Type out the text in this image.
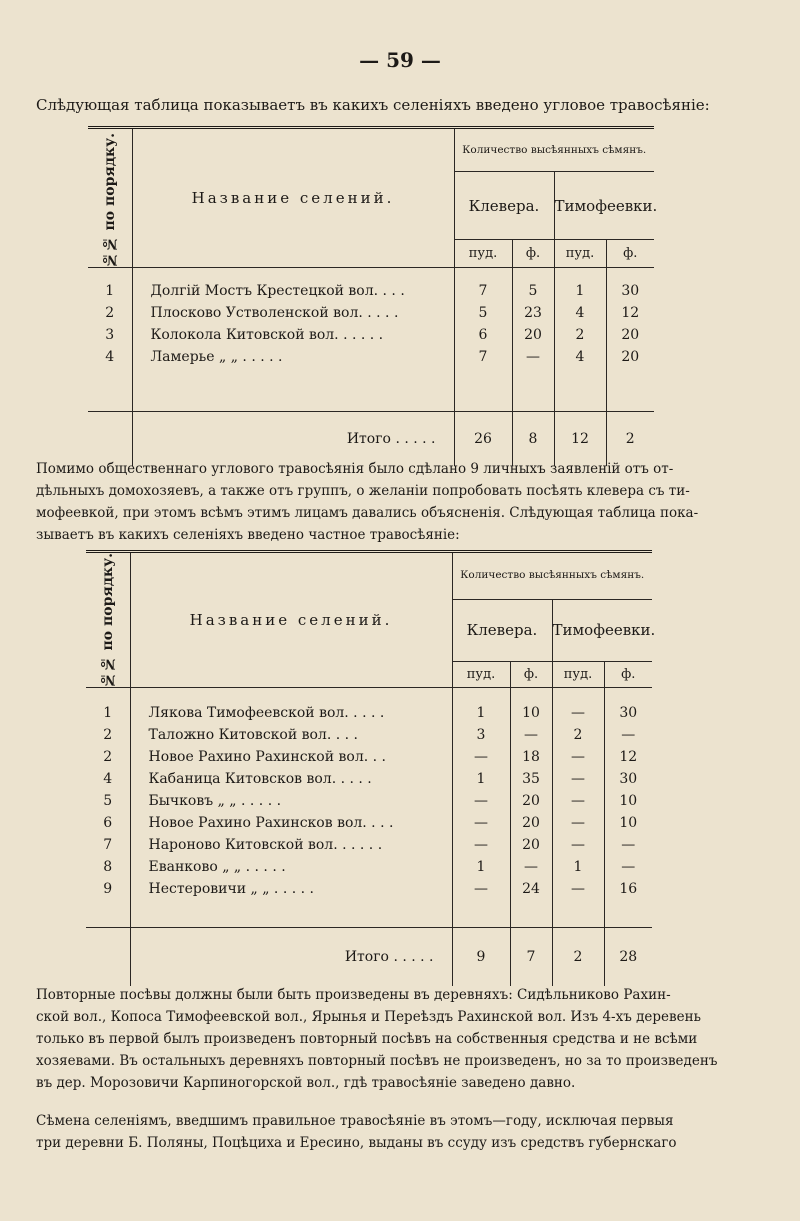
— 59 —
Слѣдующая таблица показываетъ въ какихъ селеніяхъ введено угловое травосѣяніе:
№№ по порядку.	Название селений.	Количество высѣянныхъ сѣмянъ.			
		Клевера.		Тимофеевки.	
		пуд.	ф.	пуд.	ф.

1	Долгiй Мостъ Крестецкой вол. . . .	7	5	1	30
2	Плосково Устволенской вол. . . . .	5	23	4	12
3	Колокола Китовской вол. . . . . .	6	20	2	20
4	Ламерье „ „ . . . . .	7	—	4	20

	Итого . . . . .	26	8	12	2
Помимо общественнаго углового травосѣянія было сдѣлано 9 личныхъ заявленій отъ от-
дѣльныхъ домохозяевъ, а также отъ группъ, о желаніи попробовать посѣять клевера съ ти-
мофеевкой, при этомъ всѣмъ этимъ лицамъ давались объясненія. Слѣдующая таблица пока-
зываетъ въ какихъ селеніяхъ введено частное травосѣяніе:
№№ по порядку.	Название селений.	Количество высѣянныхъ сѣмянъ.			
		Клевера.		Тимофеевки.	
		пуд.	ф.	пуд.	ф.

1	Лякова Тимофеевской вол. . . . .	1	10	—	30
2	Таложно Китовской вол. . . .	3	—	2	—
2	Новое Рахино Рахинской вол. . .	—	18	—	12
4	Кабаница Китовсков вол. . . . .	1	35	—	30
5	Бычковъ „ „ . . . . .	—	20	—	10
6	Новое Рахино Рахинсков вол. . . .	—	20	—	10
7	Нароново Китовской вол. . . . . .	—	20	—	—
8	Еванково „ „ . . . . .	1	—	1	—
9	Нестеровичи „ „ . . . . .	—	24	—	16

	Итого . . . . .	9	7	2	28
Повторные посѣвы должны были быть произведены въ деревняхъ: Сидѣльниково Рахин-
ской вол., Копоса Тимофеевской вол., Ярынья и Переѣздъ Рахинской вол. Изъ 4-хъ деревень
только въ первой былъ произведенъ повторный посѣвъ на собственныя средства и не всѣми
хозяевами. Въ остальныхъ деревняхъ повторный посѣвъ не произведенъ, но за то произведенъ
въ дер. Морозовичи Карпиногорской вол., гдѣ травосѣяніе заведено давно.
Сѣмена селеніямъ, введшимъ правильное травосѣяніе въ этомъ—году, исключая первыя
три деревни Б. Поляны, Поцѣциха и Ересино, выданы въ ссуду изъ средствъ губернскаго
